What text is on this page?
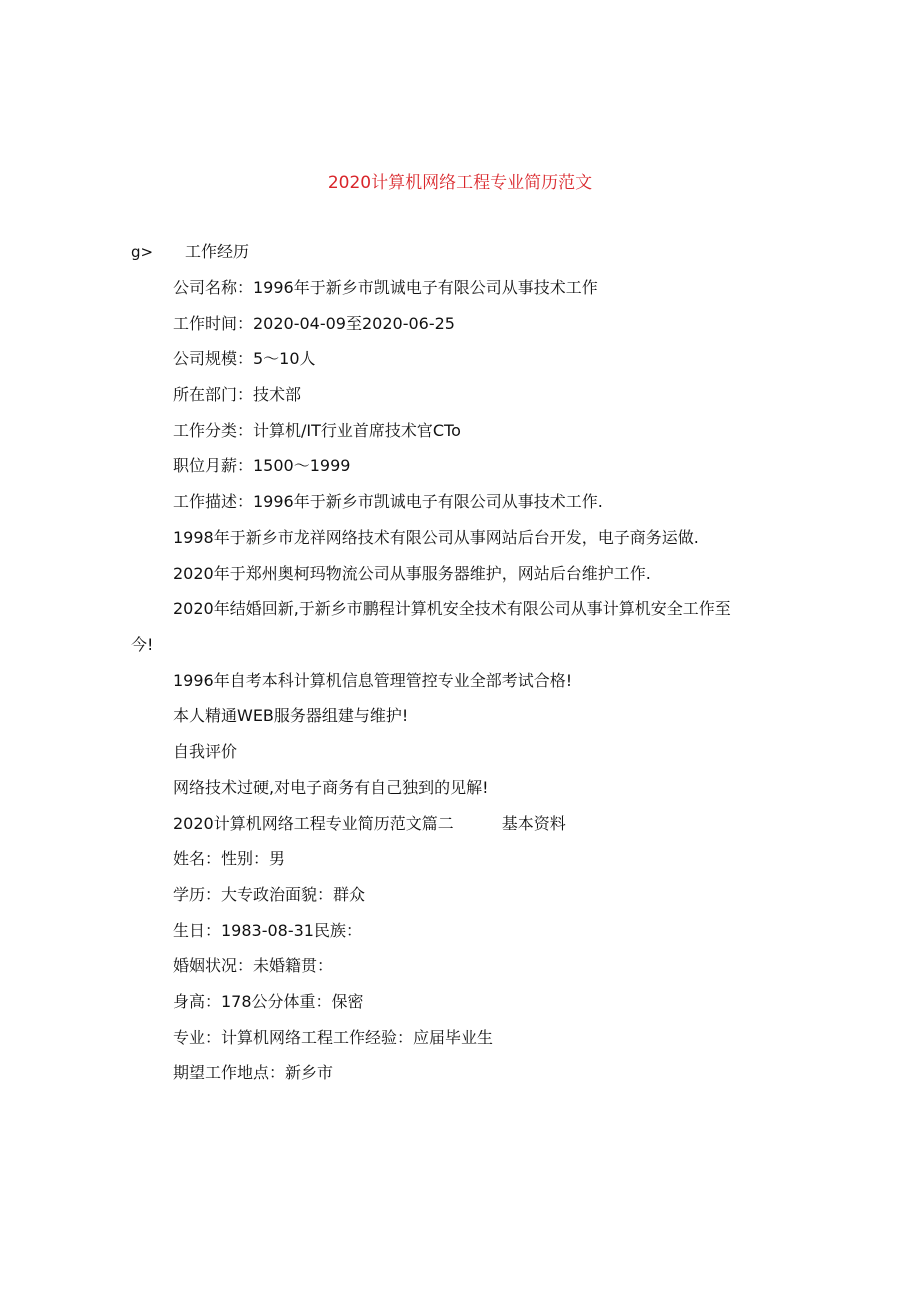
2020计算机网络工程专业简历范文
g> 工作经历
公司名称：1996年于新乡市凯诚电子有限公司从事技术工作
工作时间：2020-04-09至2020-06-25
公司规模：5～10人
所在部门：技术部
工作分类：计算机/IT行业首席技术官CTo
职位月薪：1500～1999
工作描述：1996年于新乡市凯诚电子有限公司从事技术工作.
1998年于新乡市龙祥网络技术有限公司从事网站后台开发，电子商务运做.
2020年于郑州奥柯玛物流公司从事服务器维护，网站后台维护工作.
2020年结婚回新,于新乡市鹏程计算机安全技术有限公司从事计算机安全工作至
今!
1996年自考本科计算机信息管理管控专业全部考试合格!
本人精通WEB服务器组建与维护!
自我评价
网络技术过硬,对电子商务有自己独到的见解!
2020计算机网络工程专业简历范文篇二	基本资料
姓名：性别：男
学历：大专政治面貌：群众
生日：1983-08-31民族：
婚姻状况：未婚籍贯：
身高：178公分体重：保密
专业：计算机网络工程工作经验：应届毕业生
期望工作地点：新乡市
